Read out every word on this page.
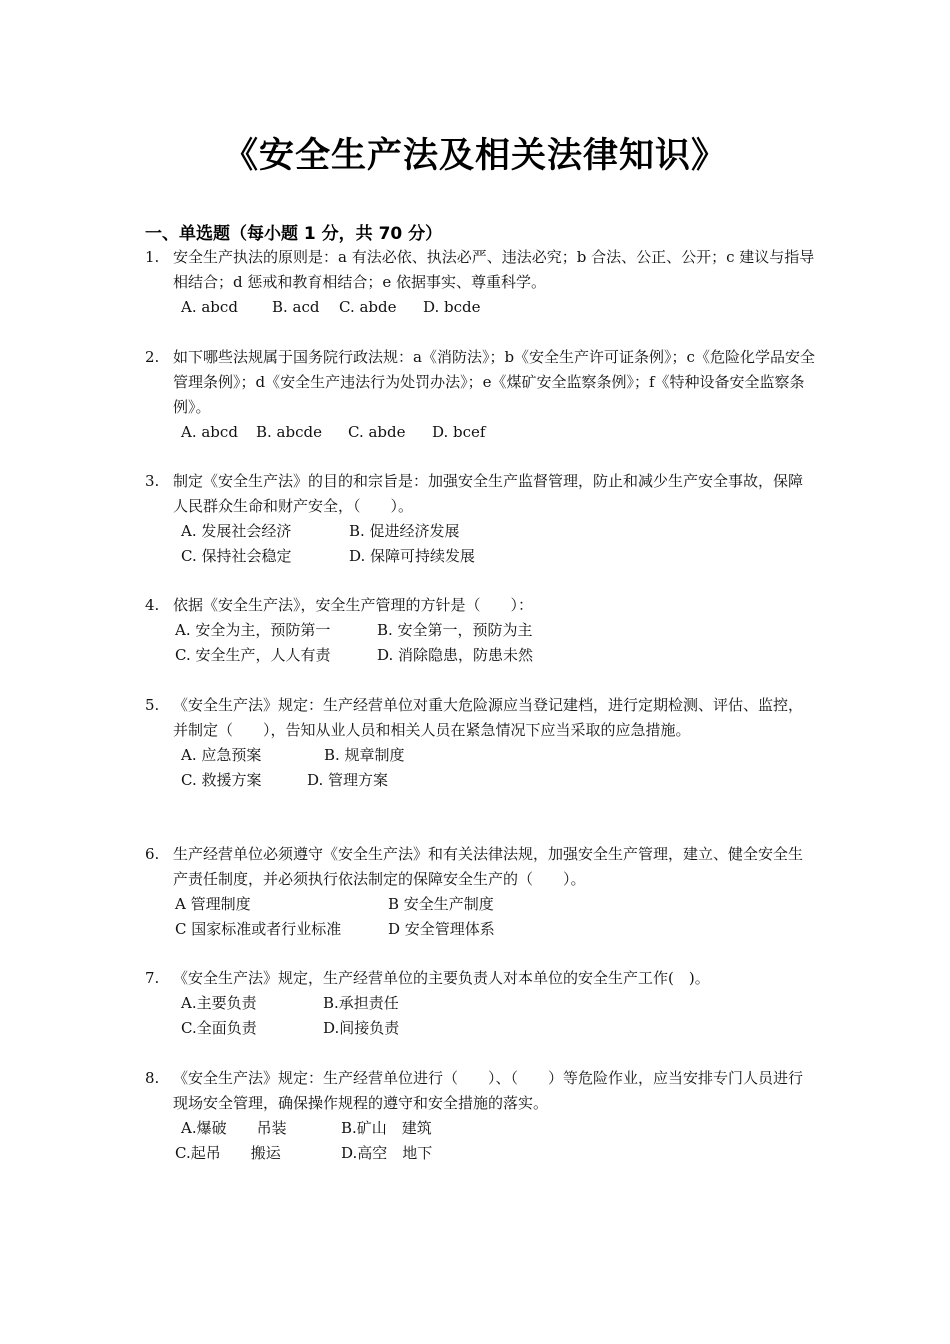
《安全生产法及相关法律知识》
一、单选题（每小题 1 分，共 70 分）
1. 安全生产执法的原则是：a 有法必依、执法必严、违法必究；b 合法、公正、公开；c 建议与指导相结合；d 惩戒和教育相结合；e 依据事实、尊重科学。
A. abcd B. acd C. abde D. bcde
2. 如下哪些法规属于国务院行政法规：a《消防法》；b《安全生产许可证条例》；c《危险化学品安全管理条例》；d《安全生产违法行为处罚办法》；e《煤矿安全监察条例》；f《特种设备安全监察条例》。
A. abcd B. abcde C. abde D. bcef
3. 制定《安全生产法》的目的和宗旨是：加强安全生产监督管理，防止和减少生产安全事故，保障人民群众生命和财产安全，（　　）。
A. 发展社会经济	B. 促进经济发展
C. 保持社会稳定	D. 保障可持续发展
4. 依据《安全生产法》，安全生产管理的方针是（　　）：
A. 安全为主，预防第一	B. 安全第一，预防为主
C. 安全生产，人人有责	D. 消除隐患，防患未然
5. 《安全生产法》规定：生产经营单位对重大危险源应当登记建档，进行定期检测、评估、监控，并制定（　　），告知从业人员和相关人员在紧急情况下应当采取的应急措施。
A. 应急预案	B. 规章制度
C. 救援方案	D. 管理方案
6. 生产经营单位必须遵守《安全生产法》和有关法律法规，加强安全生产管理，建立、健全安全生产责任制度，并必须执行依法制定的保障安全生产的（　　）。
A 管理制度	B 安全生产制度
C 国家标准或者行业标准	D 安全管理体系
7. 《安全生产法》规定，生产经营单位的主要负责人对本单位的安全生产工作(　)。
A.主要负责	B.承担责任
C.全面负责	D.间接负责
8. 《安全生产法》规定：生产经营单位进行（　　）、（　　）等危险作业，应当安排专门人员进行现场安全管理，确保操作规程的遵守和安全措施的落实。
A.爆破　　吊装	B.矿山　建筑
C.起吊　　搬运	D.高空　地下
